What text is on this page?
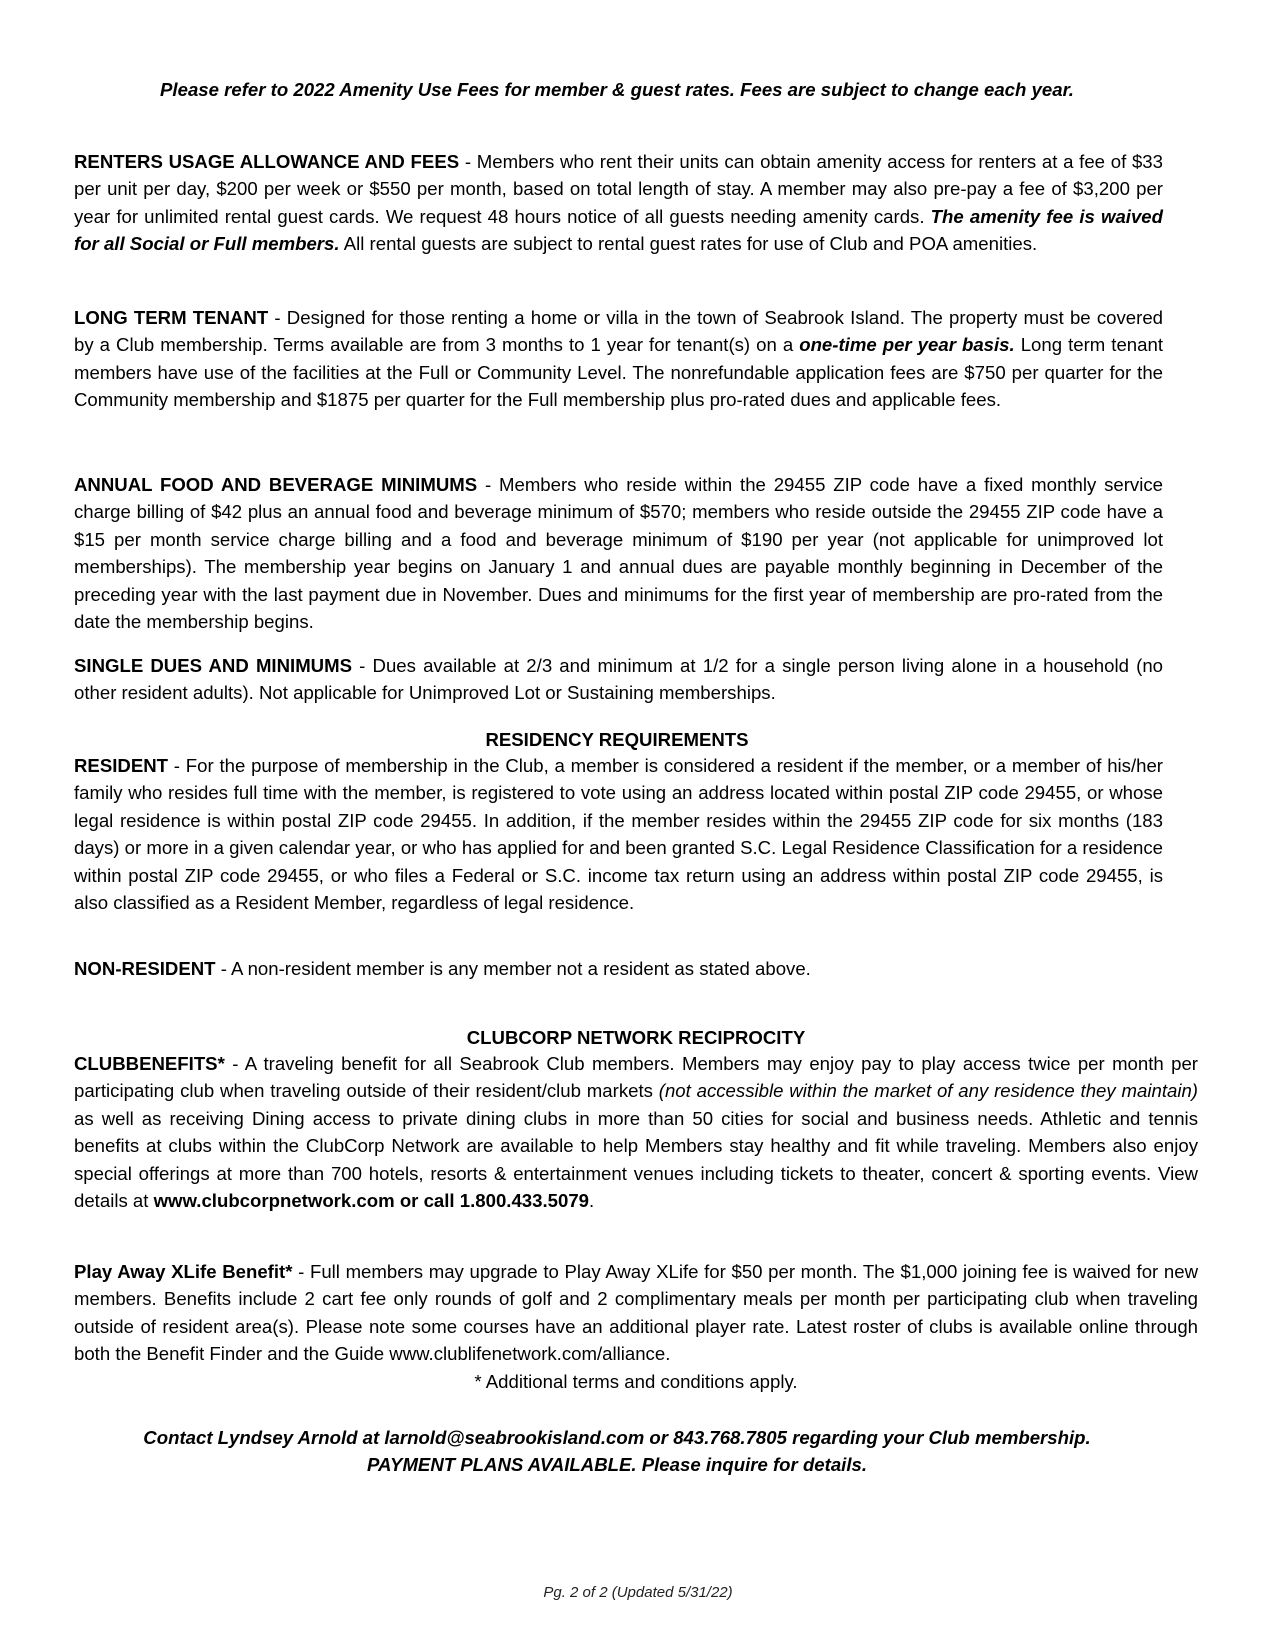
Please refer to 2022 Amenity Use Fees for member & guest rates. Fees are subject to change each year.

RENTERS USAGE ALLOWANCE AND FEES - Members who rent their units can obtain amenity access for renters at a fee of $33 per unit per day, $200 per week or $550 per month, based on total length of stay. A member may also pre-pay a fee of $3,200 per year for unlimited rental guest cards. We request 48 hours notice of all guests needing amenity cards. The amenity fee is waived for all Social or Full members. All rental guests are subject to rental guest rates for use of Club and POA amenities.

LONG TERM TENANT - Designed for those renting a home or villa in the town of Seabrook Island. The property must be covered by a Club membership. Terms available are from 3 months to 1 year for tenant(s) on a one-time per year basis. Long term tenant members have use of the facilities at the Full or Community Level. The nonrefundable application fees are $750 per quarter for the Community membership and $1875 per quarter for the Full membership plus pro-rated dues and applicable fees.

ANNUAL FOOD AND BEVERAGE MINIMUMS - Members who reside within the 29455 ZIP code have a fixed monthly service charge billing of $42 plus an annual food and beverage minimum of $570; members who reside outside the 29455 ZIP code have a $15 per month service charge billing and a food and beverage minimum of $190 per year (not applicable for unimproved lot memberships). The membership year begins on January 1 and annual dues are payable monthly beginning in December of the preceding year with the last payment due in November. Dues and minimums for the first year of membership are pro-rated from the date the membership begins.

SINGLE DUES AND MINIMUMS - Dues available at 2/3 and minimum at 1/2 for a single person living alone in a household (no other resident adults). Not applicable for Unimproved Lot or Sustaining memberships.

RESIDENCY REQUIREMENTS

RESIDENT - For the purpose of membership in the Club, a member is considered a resident if the member, or a member of his/her family who resides full time with the member, is registered to vote using an address located within postal ZIP code 29455, or whose legal residence is within postal ZIP code 29455. In addition, if the member resides within the 29455 ZIP code for six months (183 days) or more in a given calendar year, or who has applied for and been granted S.C. Legal Residence Classification for a residence within postal ZIP code 29455, or who files a Federal or S.C. income tax return using an address within postal ZIP code 29455, is also classified as a Resident Member, regardless of legal residence.

NON-RESIDENT - A non-resident member is any member not a resident as stated above.

CLUBCORP NETWORK RECIPROCITY

CLUBBENEFITS* - A traveling benefit for all Seabrook Club members. Members may enjoy pay to play access twice per month per participating club when traveling outside of their resident/club markets (not accessible within the market of any residence they maintain) as well as receiving Dining access to private dining clubs in more than 50 cities for social and business needs. Athletic and tennis benefits at clubs within the ClubCorp Network are available to help Members stay healthy and fit while traveling. Members also enjoy special offerings at more than 700 hotels, resorts & entertainment venues including tickets to theater, concert & sporting events. View details at www.clubcorpnetwork.com or call 1.800.433.5079.

Play Away XLife Benefit* - Full members may upgrade to Play Away XLife for $50 per month. The $1,000 joining fee is waived for new members. Benefits include 2 cart fee only rounds of golf and 2 complimentary meals per month per participating club when traveling outside of resident area(s). Please note some courses have an additional player rate. Latest roster of clubs is available online through both the Benefit Finder and the Guide www.clublifenetwork.com/alliance.

* Additional terms and conditions apply.
Contact Lyndsey Arnold at larnold@seabrookisland.com or 843.768.7805 regarding your Club membership.
PAYMENT PLANS AVAILABLE. Please inquire for details.
Pg. 2 of 2 (Updated 5/31/22)
